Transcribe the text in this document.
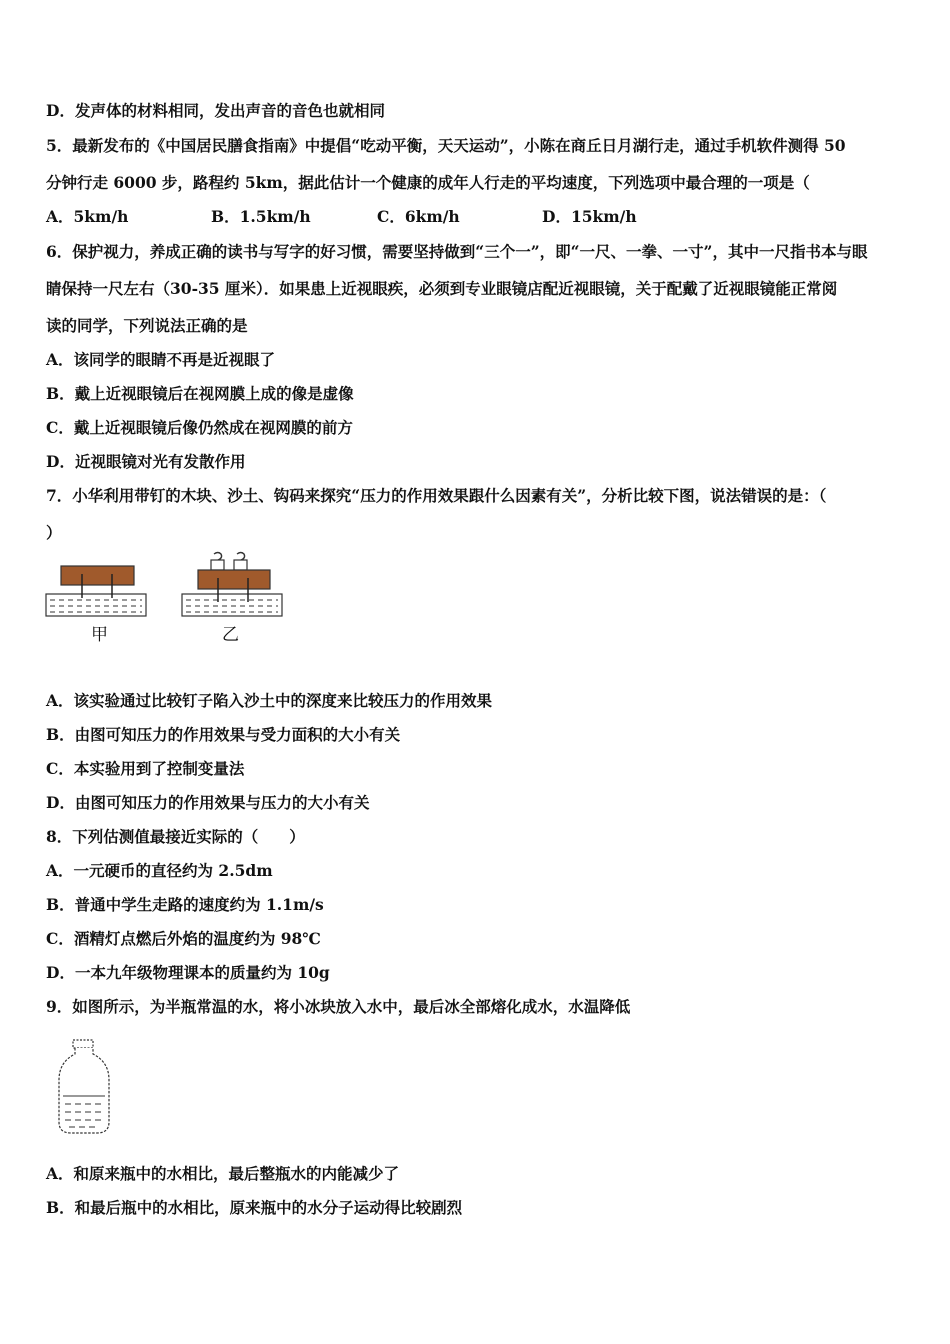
D．发声体的材料相同，发出声音的音色也就相同
5．最新发布的《中国居民膳食指南》中提倡“吃动平衡，天天运动”，小陈在商丘日月湖行走，通过手机软件测得 50
分钟行走 6000 步，路程约 5km，据此估计一个健康的成年人行走的平均速度，下列选项中最合理的一项是（
A．5km/h	B．1.5km/h	C．6km/h	D．15km/h
6．保护视力，养成正确的读书与写字的好习惯，需要坚持做到“三个一”，即“一尺、一拳、一寸”，其中一尺指书本与眼
睛保持一尺左右（30-35 厘米）．如果患上近视眼疾，必须到专业眼镜店配近视眼镜，关于配戴了近视眼镜能正常阅
读的同学，下列说法正确的是
A．该同学的眼睛不再是近视眼了
B．戴上近视眼镜后在视网膜上成的像是虚像
C．戴上近视眼镜后像仍然成在视网膜的前方
D．近视眼镜对光有发散作用
7．小华利用带钉的木块、沙土、钩码来探究“压力的作用效果跟什么因素有关”，分析比较下图，说法错误的是：（
）
甲	乙
A．该实验通过比较钉子陷入沙土中的深度来比较压力的作用效果
B．由图可知压力的作用效果与受力面积的大小有关
C．本实验用到了控制变量法
D．由图可知压力的作用效果与压力的大小有关
8．下列估测值最接近实际的（　　）
A．一元硬币的直径约为 2.5dm
B．普通中学生走路的速度约为 1.1m/s
C．酒精灯点燃后外焰的温度约为 98℃
D．一本九年级物理课本的质量约为 10g
9．如图所示，为半瓶常温的水，将小冰块放入水中，最后冰全部熔化成水，水温降低
A．和原来瓶中的水相比，最后整瓶水的内能减少了
B．和最后瓶中的水相比，原来瓶中的水分子运动得比较剧烈
